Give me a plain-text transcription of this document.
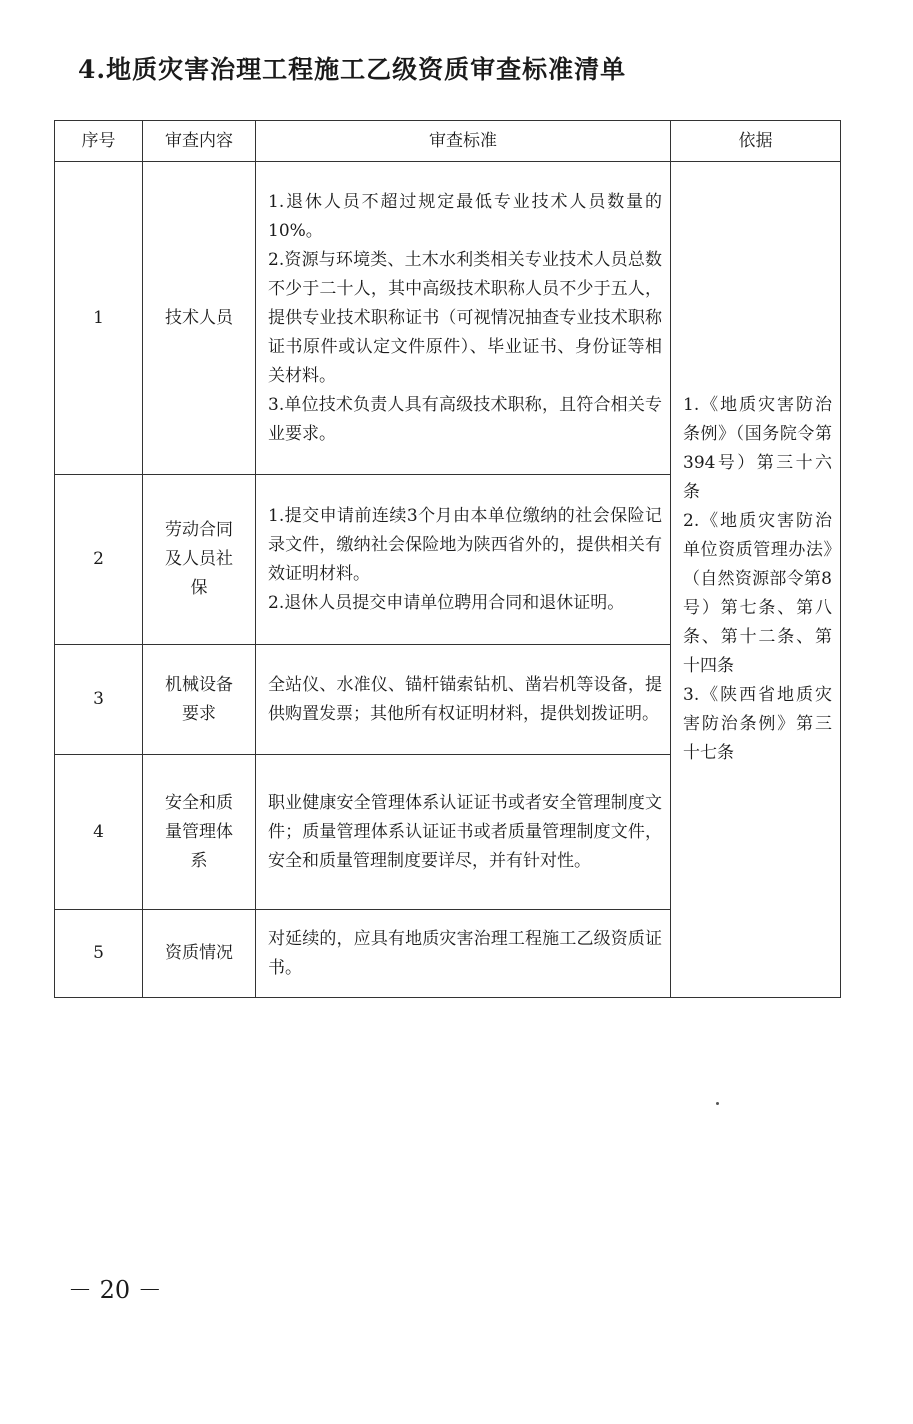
4.地质灾害治理工程施工乙级资质审查标准清单
序号	审查内容	审查标准	依据
1	技术人员	1.退休人员不超过规定最低专业技术人员数量的10%。
2.资源与环境类、土木水利类相关专业技术人员总数不少于二十人，其中高级技术职称人员不少于五人，提供专业技术职称证书（可视情况抽查专业技术职称证书原件或认定文件原件）、毕业证书、身份证等相关材料。
3.单位技术负责人具有高级技术职称，且符合相关专业要求。	1.《地质灾害防治条例》（国务院令第394号）第三十六条
2.《地质灾害防治单位资质管理办法》（自然资源部令第8号）第七条、第八条、第十二条、第十四条
3.《陕西省地质灾害防治条例》第三十七条

2	劳动合同
及人员社
保	1.提交申请前连续3个月由本单位缴纳的社会保险记录文件，缴纳社会保险地为陕西省外的，提供相关有效证明材料。
2.退休人员提交申请单位聘用合同和退休证明。	

3	机械设备
要求	全站仪、水准仪、锚杆锚索钻机、凿岩机等设备，提供购置发票；其他所有权证明材料，提供划拨证明。	

4	安全和质
量管理体
系	职业健康安全管理体系认证证书或者安全管理制度文件；质量管理体系认证证书或者质量管理制度文件，安全和质量管理制度要详尽，并有针对性。	

5	资质情况	对延续的，应具有地质灾害治理工程施工乙级资质证书。	
－ 20 －
